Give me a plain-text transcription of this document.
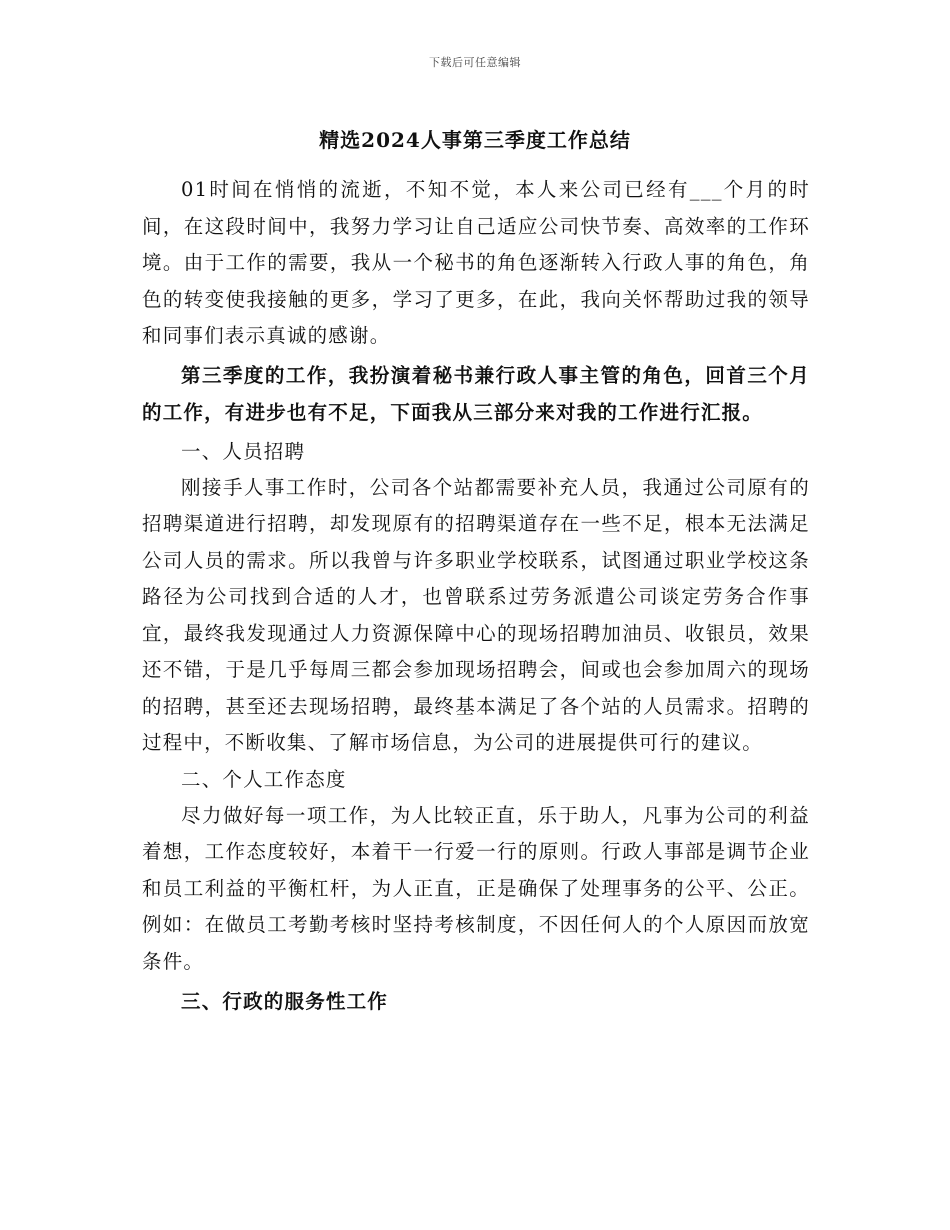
下载后可任意编辑
精选2024人事第三季度工作总结

01时间在悄悄的流逝，不知不觉，本人来公司已经有___个月的时间，在这段时间中，我努力学习让自己适应公司快节奏、高效率的工作环境。由于工作的需要，我从一个秘书的角色逐渐转入行政人事的角色，角色的转变使我接触的更多，学习了更多，在此，我向关怀帮助过我的领导和同事们表示真诚的感谢。

第三季度的工作，我扮演着秘书兼行政人事主管的角色，回首三个月的工作，有进步也有不足，下面我从三部分来对我的工作进行汇报。

一、人员招聘

刚接手人事工作时，公司各个站都需要补充人员，我通过公司原有的招聘渠道进行招聘，却发现原有的招聘渠道存在一些不足，根本无法满足公司人员的需求。所以我曾与许多职业学校联系，试图通过职业学校这条路径为公司找到合适的人才，也曾联系过劳务派遣公司谈定劳务合作事宜，最终我发现通过人力资源保障中心的现场招聘加油员、收银员，效果还不错，于是几乎每周三都会参加现场招聘会，间或也会参加周六的现场的招聘，甚至还去现场招聘，最终基本满足了各个站的人员需求。招聘的过程中，不断收集、了解市场信息，为公司的进展提供可行的建议。

二、个人工作态度

尽力做好每一项工作，为人比较正直，乐于助人，凡事为公司的利益着想，工作态度较好，本着干一行爱一行的原则。行政人事部是调节企业和员工利益的平衡杠杆，为人正直，正是确保了处理事务的公平、公正。例如：在做员工考勤考核时坚持考核制度，不因任何人的个人原因而放宽条件。

三、行政的服务性工作
